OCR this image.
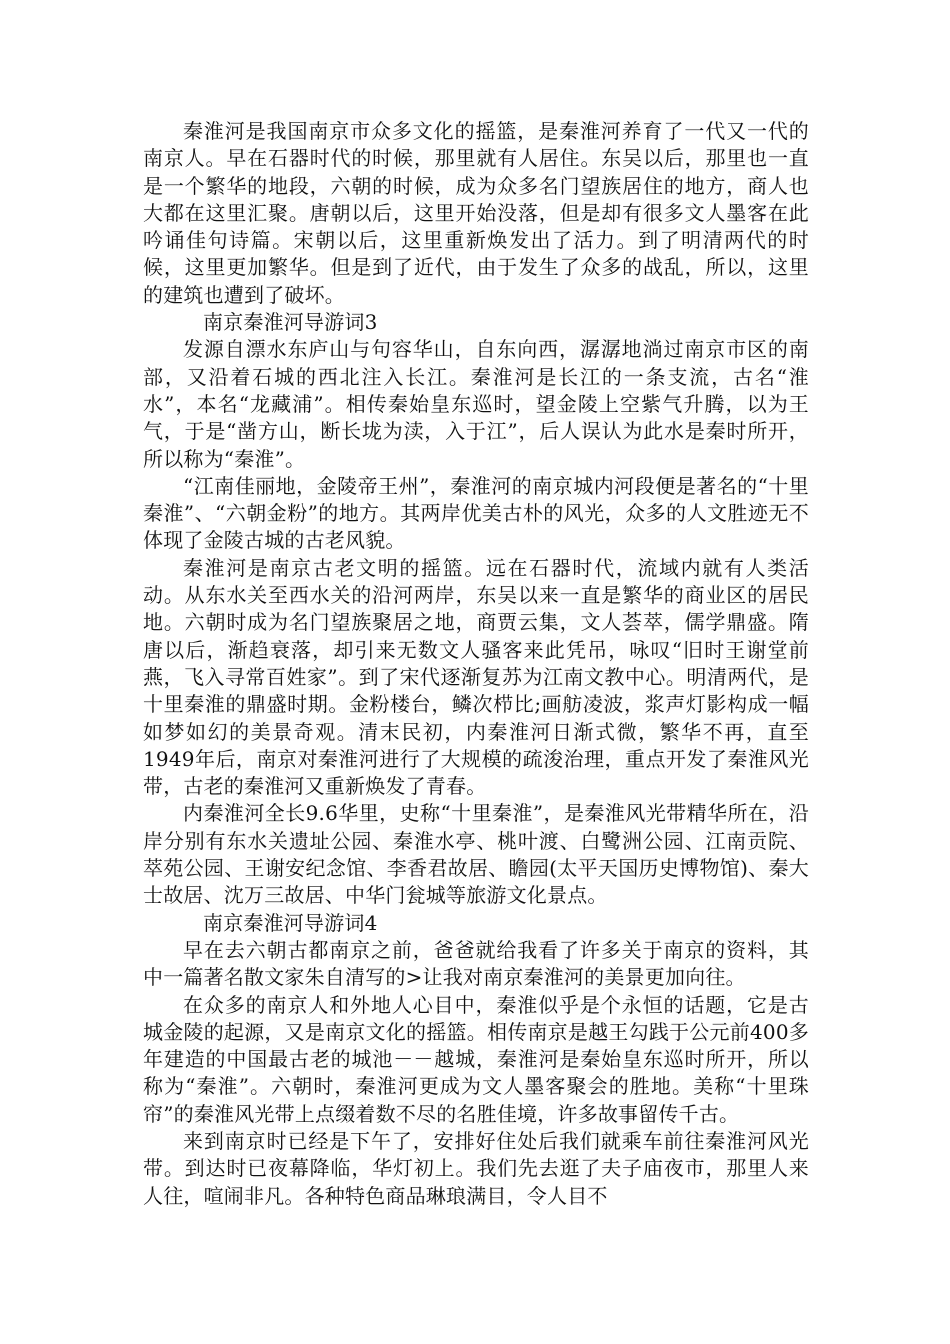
秦淮河是我国南京市众多文化的摇篮，是秦淮河养育了一代又一代的南京人。早在石器时代的时候，那里就有人居住。东吴以后，那里也一直是一个繁华的地段，六朝的时候，成为众多名门望族居住的地方，商人也大都在这里汇聚。唐朝以后，这里开始没落，但是却有很多文人墨客在此吟诵佳句诗篇。宋朝以后，这里重新焕发出了活力。到了明清两代的时候，这里更加繁华。但是到了近代，由于发生了众多的战乱，所以，这里的建筑也遭到了破坏。

南京秦淮河导游词3

发源自漂水东庐山与句容华山，自东向西，潺潺地淌过南京市区的南部，又沿着石城的西北注入长江。秦淮河是长江的一条支流，古名“淮水”，本名“龙藏浦”。相传秦始皇东巡时，望金陵上空紫气升腾，以为王气，于是“凿方山，断长垅为渎，入于江”，后人误认为此水是秦时所开，所以称为“秦淮”。

“江南佳丽地，金陵帝王州”，秦淮河的南京城内河段便是著名的“十里秦淮”、“六朝金粉”的地方。其两岸优美古朴的风光，众多的人文胜迹无不体现了金陵古城的古老风貌。

秦淮河是南京古老文明的摇篮。远在石器时代，流域内就有人类活动。从东水关至西水关的沿河两岸，东吴以来一直是繁华的商业区的居民地。六朝时成为名门望族聚居之地，商贾云集，文人荟萃，儒学鼎盛。隋唐以后，渐趋衰落，却引来无数文人骚客来此凭吊，咏叹“旧时王谢堂前燕，飞入寻常百姓家”。到了宋代逐渐复苏为江南文教中心。明清两代，是十里秦淮的鼎盛时期。金粉楼台，鳞次栉比;画舫凌波，浆声灯影构成一幅如梦如幻的美景奇观。清末民初，内秦淮河日渐式微，繁华不再，直至1949年后，南京对秦淮河进行了大规模的疏浚治理，重点开发了秦淮风光带，古老的秦淮河又重新焕发了青春。

内秦淮河全长9.6华里，史称“十里秦淮”，是秦淮风光带精华所在，沿岸分别有东水关遗址公园、秦淮水亭、桃叶渡、白鹭洲公园、江南贡院、萃苑公园、王谢安纪念馆、李香君故居、瞻园(太平天国历史博物馆)、秦大士故居、沈万三故居、中华门瓮城等旅游文化景点。

南京秦淮河导游词4

早在去六朝古都南京之前，爸爸就给我看了许多关于南京的资料，其中一篇著名散文家朱自清写的>让我对南京秦淮河的美景更加向往。

在众多的南京人和外地人心目中，秦淮似乎是个永恒的话题，它是古城金陵的起源，又是南京文化的摇篮。相传南京是越王勾践于公元前400多年建造的中国最古老的城池－－越城，秦淮河是秦始皇东巡时所开，所以称为“秦淮”。六朝时，秦淮河更成为文人墨客聚会的胜地。美称“十里珠帘”的秦淮风光带上点缀着数不尽的名胜佳境，许多故事留传千古。

来到南京时已经是下午了，安排好住处后我们就乘车前往秦淮河风光带。到达时已夜幕降临，华灯初上。我们先去逛了夫子庙夜市，那里人来人往，喧闹非凡。各种特色商品琳琅满目，令人目不
